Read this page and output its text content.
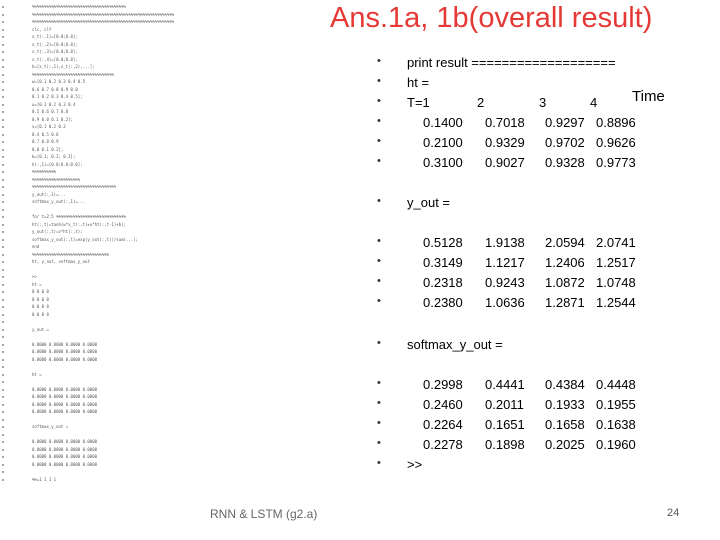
Ans.1a, 1b(overall result)
%%%%%%%%%%%%%%%%%%%%%%%%%%%%%%%%%%%%%%%
%%%%%%%%%%%%%%%%%%%%%%%%%%%%%%%%%%%%%%%%%%%%%%%%%%%%%%%%%%%
%%%%%%%%%%%%%%%%%%%%%%%%%%%%%%%%%%%%%%%%%%%%%%%%%%%%%%%%%%%
clc, clf
x_t(:,1)=[0.0;0.0];
x_t(:,2)=[0.0;0.0];
x_t(:,3)=[0.0;0.0];
x_t(:,4)=[0.0;0.0];
h=[x_t(:,1),x_t(:,2),...];
%%%%%%%%%%%%%%%%%%%%%%%%%%%%%%%%%%
w=[0.1 0.2 0.3 0.4 0.5
0.6 0.7 0.8 0.9 0.0
0.1 0.2 0.3 0.4 0.5];
u=[0.1 0.2 0.3 0.4
0.5 0.6 0.7 0.8
0.9 0.0 0.1 0.2];
v=[0.1 0.2 0.3
0.4 0.5 0.6
0.7 0.8 0.9
0.0 0.1 0.2];
b=[0.1; 0.2; 0.3];
h(:,1)=[0.0;0.0;0.0];
%%%%%%%%%%
%%%%%%%%%%%%%%%%%%%%
%%%%%%%%%%%%%%%%%%%%%%%%%%%%%%%%%%%
y_out(:,1)=...
softmax_y_out(:,1)=...
for t=2:5 %%%%%%%%%%%%%%%%%%%%%%%%%%%%%
ht(:,t)=tanh(w*x_t(:,t)+u*ht(:,t-1)+b);
y_out(:,t)=v*ht(:,t);
softmax_y_out(:,t)=exp(y_out(:,t))/sum(...);
end
%%%%%%%%%%%%%%%%%%%%%%%%%%%%%%%%
ht, y_out, softmax_y_out
>>
ht =
0 0 0 0
0 0 0 0
0 0 0 0
0 0 0 0
y_out =
0.0000 0.0000 0.0000 0.0000
0.0000 0.0000 0.0000 0.0000
0.0000 0.0000 0.0000 0.0000
ht =
0.0000 0.0000 0.0000 0.0000
0.0000 0.0000 0.0000 0.0000
0.0000 0.0000 0.0000 0.0000
0.0000 0.0000 0.0000 0.0000
softmax_y_out =
0.0000 0.0000 0.0000 0.0000
0.0000 0.0000 0.0000 0.0000
0.0000 0.0000 0.0000 0.0000
0.0000 0.0000 0.0000 0.0000
%%=1 1 1 1
• print result ===================
• ht =
• T=1	2	3	4
• y_out =
• softmax_y_out =
• >>
•	0.1400 0.7018 0.9297 0.8896
•	0.2100 0.9329 0.9702 0.9626
•	0.3100 0.9027 0.9328 0.9773
•	0.5128 1.9138 2.0594 2.0741
•	0.3149 1.1217 1.2406 1.2517
•	0.2318 0.9243 1.0872 1.0748
•	0.2380 1.0636 1.2871 1.2544
•	0.2998 0.4441 0.4384 0.4448
•	0.2460 0.2011 0.1933 0.1955
•	0.2264 0.1651 0.1658 0.1638
•	0.2278 0.1898 0.2025 0.1960
Time
RNN & LSTM (g2.a)	24
